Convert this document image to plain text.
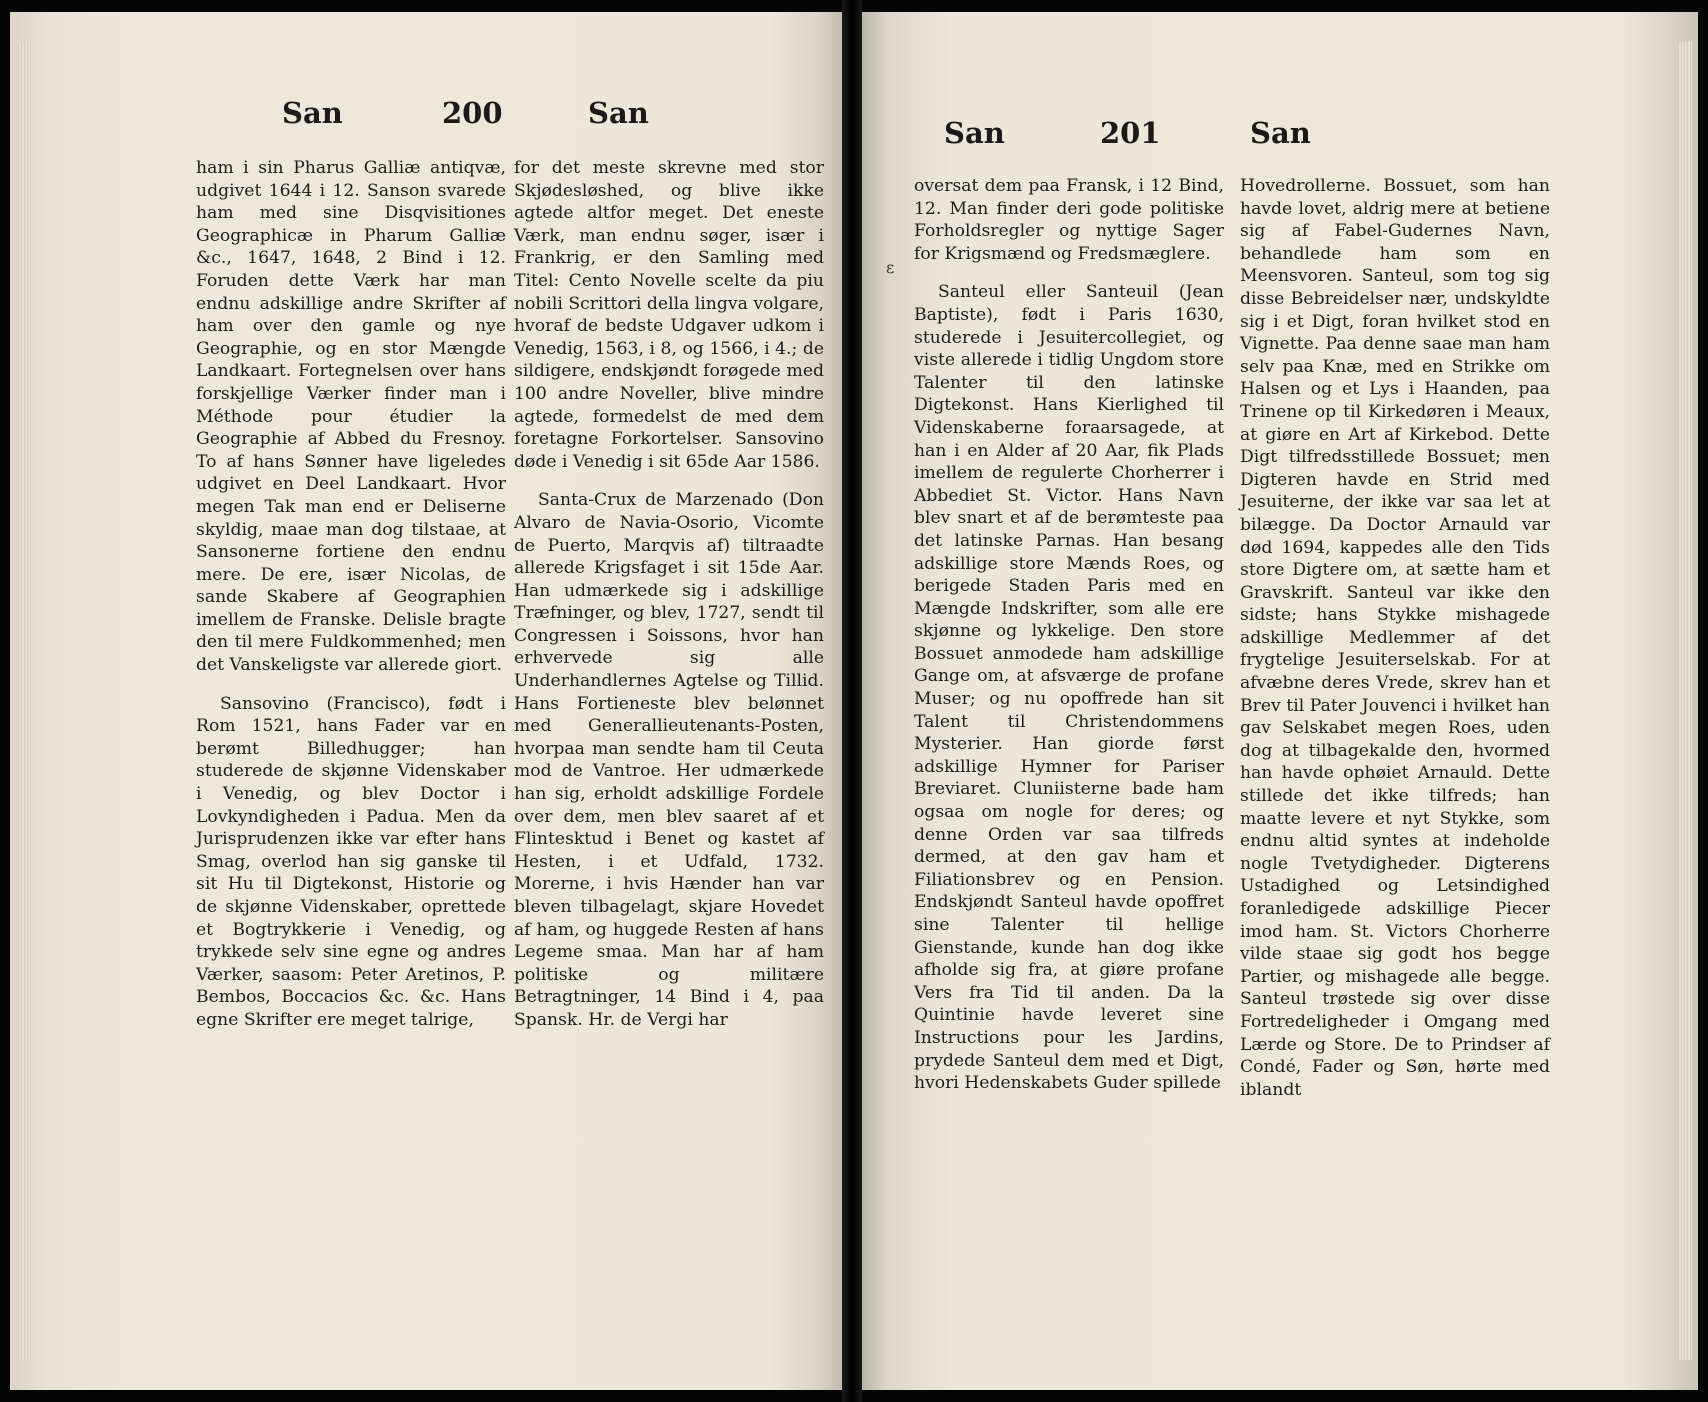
San	200	San

ham i sin Pharus Galliæ antiqvæ, udgivet 1644 i 12. Sanson svarede ham med sine Disqvisitiones Geographicæ in Pharum Galliæ &c., 1647, 1648, 2 Bind i 12. Foruden dette Værk har man endnu adskillige andre Skrifter af ham over den gamle og nye Geographie, og en stor Mængde Landkaart. Fortegnelsen over hans forskjellige Værker finder man i Méthode pour étudier la Geographie af Abbed du Fresnoy. To af hans Sønner have ligeledes udgivet en Deel Landkaart. Hvor megen Tak man end er Deliserne skyldig, maae man dog tilstaae, at Sansonerne fortiene den endnu mere. De ere, især Nicolas, de sande Skabere af Geographien imellem de Franske. Delisle bragte den til mere Fuldkommenhed; men det Vanskeligste var allerede giort.

Sansovino (Francisco), født i Rom 1521, hans Fader var en berømt Billedhugger; han studerede de skjønne Videnskaber i Venedig, og blev Doctor i Lovkyndigheden i Padua. Men da Jurisprudenzen ikke var efter hans Smag, overlod han sig ganske til sit Hu til Digtekonst, Historie og de skjønne Videnskaber, oprettede et Bogtrykkerie i Venedig, og trykkede selv sine egne og andres Værker, saasom: Peter Aretinos, P. Bembos, Boccacios &c. &c. Hans egne Skrifter ere meget talrige,

for det meste skrevne med stor Skjødesløshed, og blive ikke agtede altfor meget. Det eneste Værk, man endnu søger, især i Frankrig, er den Samling med Titel: Cento Novelle scelte da piu nobili Scrittori della lingva volgare, hvoraf de bedste Udgaver udkom i Venedig, 1563, i 8, og 1566, i 4.; de sildigere, endskjøndt forøgede med 100 andre Noveller, blive mindre agtede, formedelst de med dem foretagne Forkortelser. Sansovino døde i Venedig i sit 65de Aar 1586.

Santa-Crux de Marzenado (Don Alvaro de Navia-Osorio, Vicomte de Puerto, Marqvis af) tiltraadte allerede Krigsfaget i sit 15de Aar. Han udmærkede sig i adskillige Træfninger, og blev, 1727, sendt til Congressen i Soissons, hvor han erhvervede sig alle Underhandlernes Agtelse og Tillid. Hans Fortieneste blev belønnet med Generallieutenants-Posten, hvorpaa man sendte ham til Ceuta mod de Vantroe. Her udmærkede han sig, erholdt adskillige Fordele over dem, men blev saaret af et Flintesktud i Benet og kastet af Hesten, i et Udfald, 1732. Morerne, i hvis Hænder han var bleven tilbagelagt, skjare Hovedet af ham, og huggede Resten af hans Legeme smaa. Man har af ham politiske og militære Betragtninger, 14 Bind i 4, paa Spansk. Hr. de Vergi har

San	201	San
ε

oversat dem paa Fransk, i 12 Bind, 12. Man finder deri gode politiske Forholdsregler og nyttige Sager for Krigsmænd og Fredsmæglere.

Santeul eller Santeuil (Jean Baptiste), født i Paris 1630, studerede i Jesuitercollegiet, og viste allerede i tidlig Ungdom store Talenter til den latinske Digtekonst. Hans Kierlighed til Videnskaberne foraarsagede, at han i en Alder af 20 Aar, fik Plads imellem de regulerte Chorherrer i Abbediet St. Victor. Hans Navn blev snart et af de berømteste paa det latinske Parnas. Han besang adskillige store Mænds Roes, og berigede Staden Paris med en Mængde Indskrifter, som alle ere skjønne og lykkelige. Den store Bossuet anmodede ham adskillige Gange om, at afsværge de profane Muser; og nu opoffrede han sit Talent til Christendommens Mysterier. Han giorde først adskillige Hymner for Pariser Breviaret. Cluniisterne bade ham ogsaa om nogle for deres; og denne Orden var saa tilfreds dermed, at den gav ham et Filiationsbrev og en Pension. Endskjøndt Santeul havde opoffret sine Talenter til hellige Gienstande, kunde han dog ikke afholde sig fra, at giøre profane Vers fra Tid til anden. Da la Quintinie havde leveret sine Instructions pour les Jardins, prydede Santeul dem med et Digt, hvori Hedenskabets Guder spillede

Hovedrollerne. Bossuet, som han havde lovet, aldrig mere at betiene sig af Fabel-Gudernes Navn, behandlede ham som en Meensvoren. Santeul, som tog sig disse Bebreidelser nær, undskyldte sig i et Digt, foran hvilket stod en Vignette. Paa denne saae man ham selv paa Knæ, med en Strikke om Halsen og et Lys i Haanden, paa Trinene op til Kirkedøren i Meaux, at giøre en Art af Kirkebod. Dette Digt tilfredsstillede Bossuet; men Digteren havde en Strid med Jesuiterne, der ikke var saa let at bilægge. Da Doctor Arnauld var død 1694, kappedes alle den Tids store Digtere om, at sætte ham et Gravskrift. Santeul var ikke den sidste; hans Stykke mishagede adskillige Medlemmer af det frygtelige Jesuiterselskab. For at afvæbne deres Vrede, skrev han et Brev til Pater Jouvenci i hvilket han gav Selskabet megen Roes, uden dog at tilbagekalde den, hvormed han havde ophøiet Arnauld. Dette stillede det ikke tilfreds; han maatte levere et nyt Stykke, som endnu altid syntes at indeholde nogle Tvetydigheder. Digterens Ustadighed og Letsindighed foranledigede adskillige Piecer imod ham. St. Victors Chorherre vilde staae sig godt hos begge Partier, og mishagede alle begge. Santeul trøstede sig over disse Fortredeligheder i Omgang med Lærde og Store. De to Prindser af Condé, Fader og Søn, hørte med iblandt
